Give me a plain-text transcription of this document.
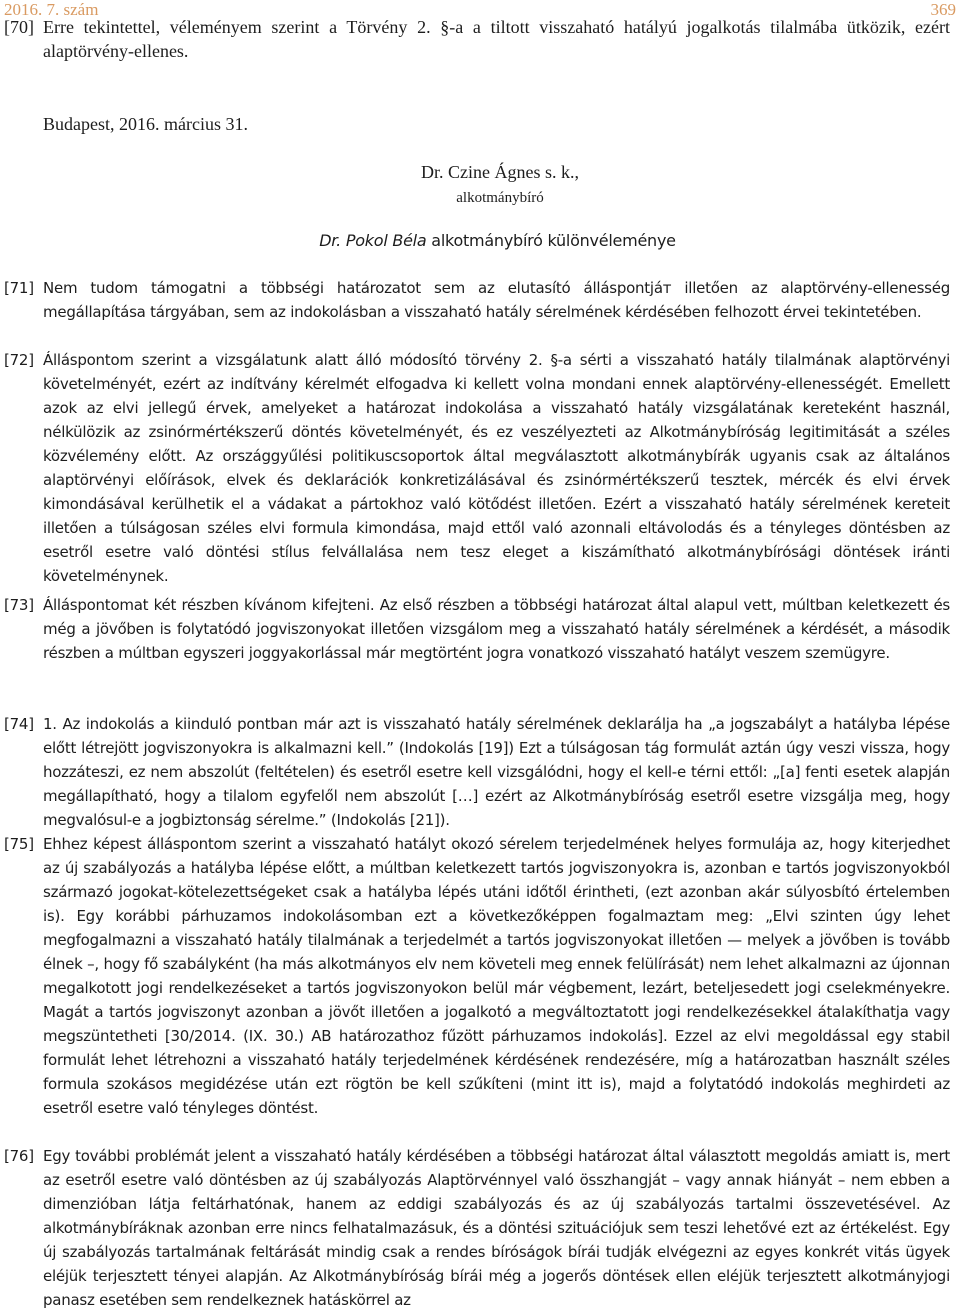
2016. 7. szám	369
[70] Erre tekintettel, véleményem szerint a Törvény 2. §-a a tiltott visszaható hatályú jogalkotás tilalmába ütközik, ezért alaptörvény-ellenes.
Budapest, 2016. március 31.
Dr. Czine Ágnes s. k.,
alkotmánybíró
Dr. Pokol Béla alkotmánybíró különvéleménye
[71] Nem tudom támogatni a többségi határozatot sem az elutasító álláspontjáт illetően az alaptörvény-ellenesség megállapítása tárgyában, sem az indokolásban a visszaható hatály sérelmének kérdésében felhozott érvei tekintetében.
[72] Álláspontom szerint a vizsgálatunk alatt álló módosító törvény 2. §-a sérti a visszaható hatály tilalmának alaptörvényi követelményét, ezért az indítvány kérelmét elfogadva ki kellett volna mondani ennek alaptörvény-ellenességét. Emellett azok az elvi jellegű érvek, amelyeket a határozat indokolása a visszaható hatály vizsgálatának kereteként használ, nélkülözik az zsinórmértékszerű döntés követelményét, és ez veszélyezteti az Alkotmánybíróság legitimitását a széles közvélemény előtt. Az országgyűlési politikuscsoportok által megválasztott alkotmánybírák ugyanis csak az általános alaptörvényi előírások, elvek és deklarációk konkretizálásával és zsinórmértékszerű tesztek, mércék és elvi érvek kimondásával kerülhetik el a vádakat a pártokhoz való kötődést illetően. Ezért a visszaható hatály sérelmének kereteit illetően a túlságosan széles elvi formula kimondása, majd ettől való azonnali eltávolodás és a tényleges döntésben az esetről esetre való döntési stílus felvállalása nem tesz eleget a kiszámítható alkotmánybírósági döntések iránti követelménynek.
[73] Álláspontomat két részben kívánom kifejteni. Az első részben a többségi határozat által alapul vett, múltban keletkezett és még a jövőben is folytatódó jogviszonyokat illetően vizsgálom meg a visszaható hatály sérelmének a kérdését, a második részben a múltban egyszeri joggyakorlással már megtörtént jogra vonatkozó visszaható hatályt veszem szemügyre.
[74] 1. Az indokolás a kiinduló pontban már azt is visszaható hatály sérelmének deklarálja ha „a jogszabályt a hatályba lépése előtt létrejött jogviszonyokra is alkalmazni kell.” (Indokolás [19]) Ezt a túlságosan tág formulát aztán úgy veszi vissza, hogy hozzáteszi, ez nem abszolút (feltételen) és esetről esetre kell vizsgálódni, hogy el kell-e térni ettől: „[a] fenti esetek alapján megállapítható, hogy a tilalom egyfelől nem abszolút […] ezért az Alkotmánybíróság esetről esetre vizsgálja meg, hogy megvalósul-e a jogbiztonság sérelme.” (Indokolás [21]).
[75] Ehhez képest álláspontom szerint a visszaható hatályt okozó sérelem terjedelmének helyes formulája az, hogy kiterjedhet az új szabályozás a hatályba lépése előtt, a múltban keletkezett tartós jogviszonyokra is, azonban e tartós jogviszonyokból származó jogokat-kötelezettségeket csak a hatályba lépés utáni időtől érintheti, (ezt azonban akár súlyosbító értelemben is). Egy korábbi párhuzamos indokolásomban ezt a következőképpen fogalmaztam meg: „Elvi szinten úgy lehet megfogalmazni a visszaható hatály tilalmának a terjedelmét a tartós jogviszonyokat illetően — melyek a jövőben is tovább élnek –, hogy fő szabályként (ha más alkotmányos elv nem követeli meg ennek felülírását) nem lehet alkalmazni az újonnan megalkotott jogi rendelkezéseket a tartós jogviszonyokon belül már végbement, lezárt, beteljesedett jogi cselekményekre. Magát a tartós jogviszonyt azonban a jövőt illetően a jogalkotó a megváltoztatott jogi rendelkezésekkel átalakíthatja vagy megszüntetheti [30/2014. (IX. 30.) AB határozathoz fűzött párhuzamos indokolás]. Ezzel az elvi megoldással egy stabil formulát lehet létrehozni a visszaható hatály terjedelmének kérdésének rendezésére, míg a határozatban használt széles formula szokásos megidézése után ezt rögtön be kell szűkíteni (mint itt is), majd a folytatódó indokolás meghirdeti az esetről esetre való tényleges döntést.
[76] Egy további problémát jelent a visszaható hatály kérdésében a többségi határozat által választott megoldás amiatt is, mert az esetről esetre való döntésben az új szabályozás Alaptörvénnyel való összhangját – vagy annak hiányát – nem ebben a dimenzióban látja feltárhatónak, hanem az eddigi szabályozás és az új szabályozás tartalmi összevetésével. Az alkotmánybíráknak azonban erre nincs felhatalmazásuk, és a döntési szituációjuk sem teszi lehetővé ezt az értékelést. Egy új szabályozás tartalmának feltárását mindig csak a rendes bíróságok bírái tudják elvégezni az egyes konkrét vitás ügyek eléjük terjesztett tényei alapján. Az Alkotmánybíróság bírái még a jogerős döntések ellen eléjük terjesztett alkotmányjogi panasz esetében sem rendelkeznek hatáskörrel az
